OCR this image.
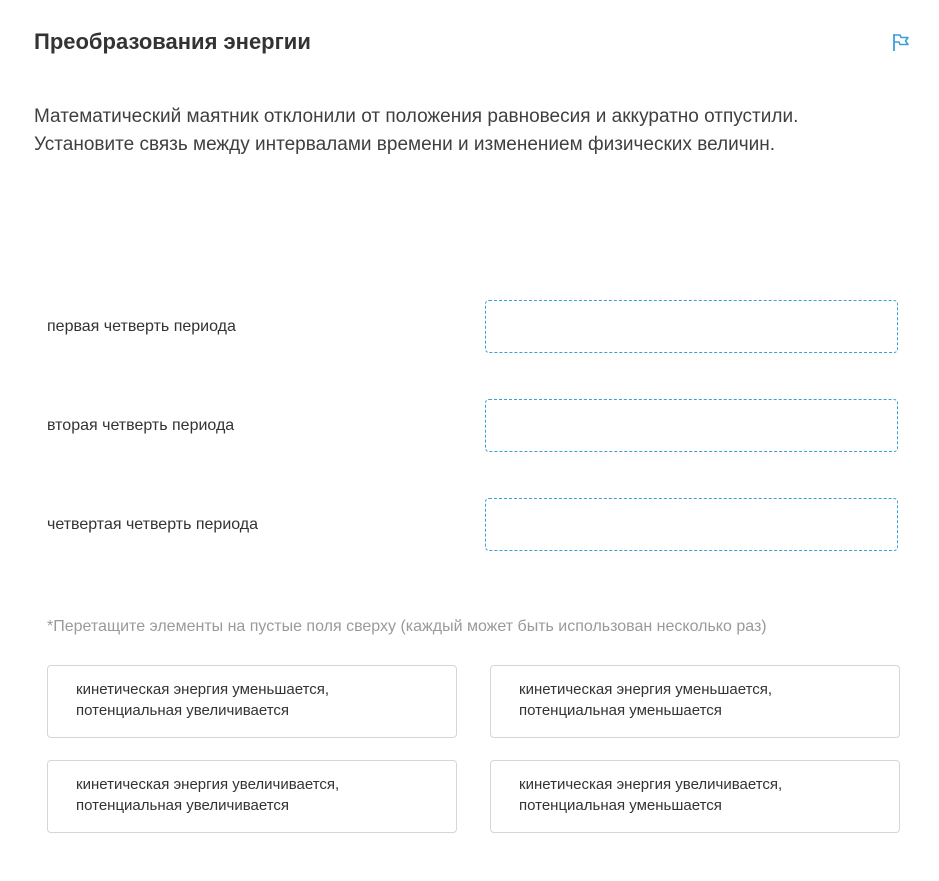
Преобразования энергии

Математический маятник отклонили от положения равновесия и аккуратно отпустили.

Установите связь между интервалами времени и изменением физических величин.

первая четверть периода
вторая четверть периода
четвертая четверть периода
*Перетащите элементы на пустые поля сверху (каждый может быть использован несколько раз)
кинетическая энергия уменьшается,
потенциальная увеличивается
кинетическая энергия уменьшается,
потенциальная уменьшается
кинетическая энергия увеличивается,
потенциальная увеличивается
кинетическая энергия увеличивается,
потенциальная уменьшается
